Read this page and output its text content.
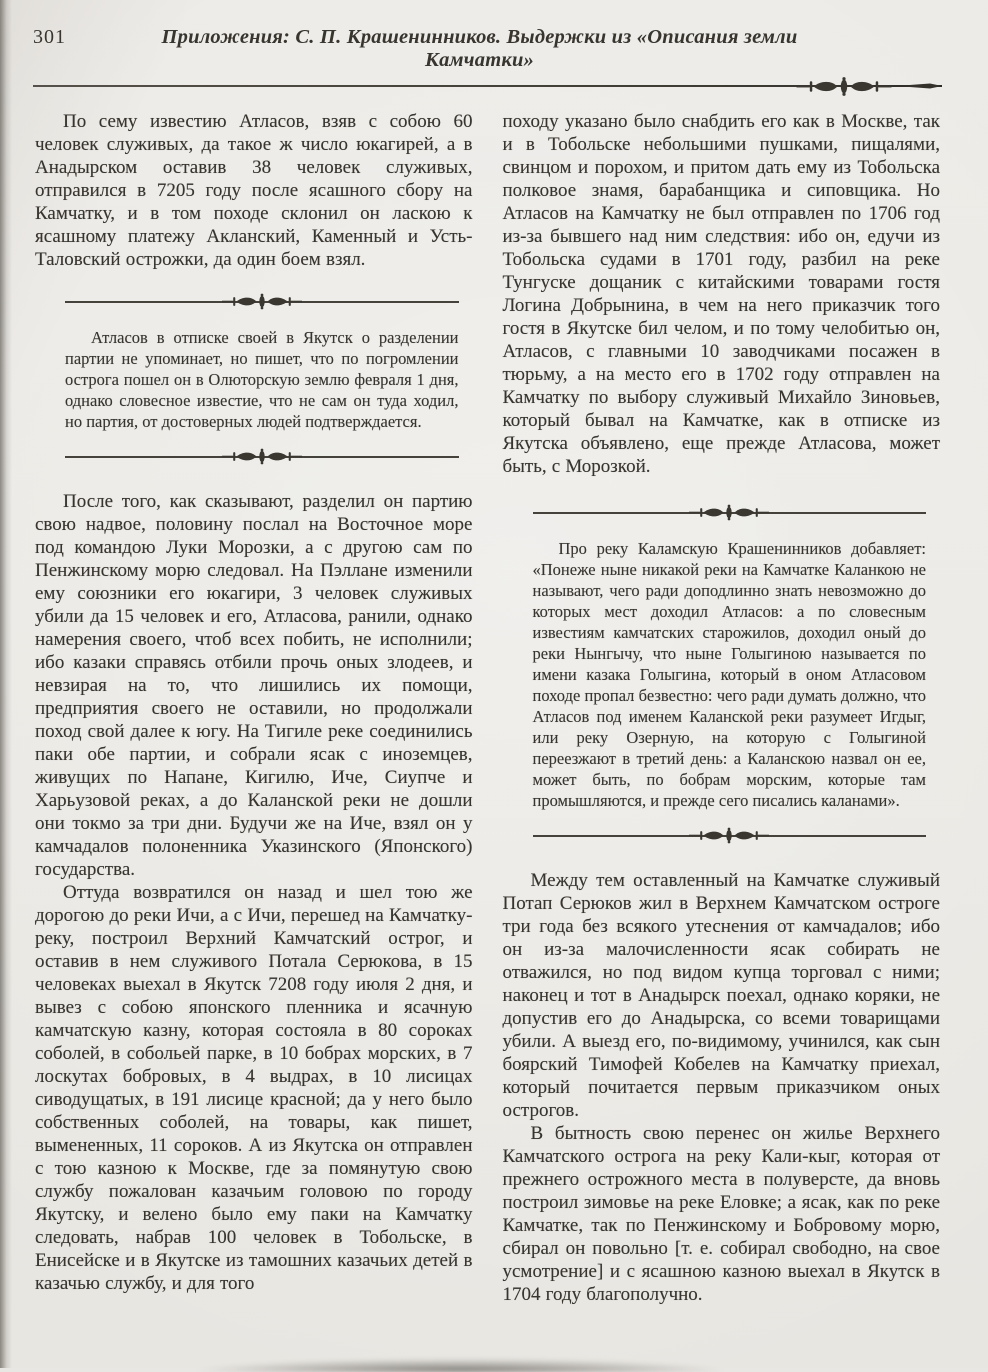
301	Приложения: С. П. Крашенинников. Выдержки из «Описания земли Камчатки»

По сему известию Атласов, взяв с собою 60 человек служивых, да такое ж число юкагирей, а в Анадырском оставив 38 человек служивых, отправился в 7205 году после ясашного сбору на Камчатку, и в том походе склонил он ласкою к ясашному платежу Акланский, Каменный и Усть-Таловский острожки, да один боем взял.

Атласов в отписке своей в Якутск о разделении партии не упоминает, но пишет, что по погромлении острога пошел он в Олюторскую землю февраля 1 дня, однако словесное известие, что не сам он туда ходил, но партия, от достоверных людей подтверждается.

После того, как сказывают, разделил он партию свою надвое, половину послал на Восточное море под командою Луки Морозки, а с другою сам по Пенжинскому морю следовал. На Пэллане изменили ему союзники его юкагири, 3 человек служивых убили да 15 человек и его, Атласова, ранили, однако намерения своего, чтоб всех побить, не исполнили; ибо казаки справясь отбили прочь оных злодеев, и невзирая на то, что лишились их помощи, предприятия своего не оставили, но продолжали поход свой далее к югу. На Тигиле реке соединились паки обе партии, и собрали ясак с иноземцев, живущих по Напане, Кигилю, Иче, Сиупче и Харьузовой реках, а до Каланской реки не дошли они токмо за три дни. Будучи же на Иче, взял он у камчадалов полоненника Указинского (Японского) государства.

Оттуда возвратился он назад и шел тою же дорогою до реки Ичи, а с Ичи, перешед на Камчатку-реку, построил Верхний Камчатский острог, и оставив в нем служивого Потала Серюкова, в 15 человеках выехал в Якутск 7208 году июля 2 дня, и вывез с собою японского пленника и ясачную камчатскую казну, которая состояла в 80 сороках соболей, в собольей парке, в 10 бобрах морских, в 7 лоскутах бобровых, в 4 выдрах, в 10 лисицах сиводущатых, в 191 лисице красной; да у него было собственных соболей, на товары, как пишет, вымененных, 11 сороков. А из Якутска он отправлен с тою казною к Москве, где за помянутую свою службу пожалован казачьим головою по городу Якутску, и велено было ему паки на Камчатку следовать, набрав 100 человек в Тобольске, в Енисейске и в Якутске из тамошних казачьих детей в казачью службу, и для того

походу указано было снабдить его как в Москве, так и в Тобольске небольшими пушками, пищалями, свинцом и порохом, и притом дать ему из Тобольска полковое знамя, барабанщика и сиповщика. Но Атласов на Камчатку не был отправлен по 1706 год из-за бывшего над ним следствия: ибо он, едучи из Тобольска судами в 1701 году, разбил на реке Тунгуске дощаник с китайскими товарами гостя Логина Добрынина, в чем на него приказчик того гостя в Якутске бил челом, и по тому челобитью он, Атласов, с главными 10 заводчиками посажен в тюрьму, а на место его в 1702 году отправлен на Камчатку по выбору служивый Михайло Зиновьев, который бывал на Камчатке, как в отписке из Якутска объявлено, еще прежде Атласова, может быть, с Морозкой.

Про реку Каламскую Крашенинников добавляет: «Понеже ныне никакой реки на Камчатке Каланкою не называют, чего ради доподлинно знать невозможно до которых мест доходил Атласов: а по словесным известиям камчатских старожилов, доходил оный до реки Нынгычу, что ныне Голыгиною называется по имени казака Голыгина, который в оном Атласовом походе пропал безвестно: чего ради думать должно, что Атласов под именем Каланской реки разумеет Игдыг, или реку Озерную, на которую с Голыгиной переезжают в третий день: а Каланскою назвал он ее, может быть, по бобрам морским, которые там промышляются, и прежде сего писались каланами».

Между тем оставленный на Камчатке служивый Потап Серюков жил в Верхнем Камчатском остроге три года без всякого утеснения от камчадалов; ибо он из-за малочисленности ясак собирать не отважился, но под видом купца торговал с ними; наконец и тот в Анадырск поехал, однако коряки, не допустив его до Анадырска, со всеми товарищами убили. А выезд его, по-видимому, учинился, как сын боярский Тимофей Кобелев на Камчатку приехал, который почитается первым приказчиком оных острогов.

В бытность свою перенес он жилье Верхнего Камчатского острога на реку Кали-кыг, которая от прежнего острожного места в полуверсте, да вновь построил зимовье на реке Еловке; а ясак, как по реке Камчатке, так по Пенжинскому и Бобровому морю, сбирал он повольно [т. е. собирал свободно, на свое усмотрение] и с ясашною казною выехал в Якутск в 1704 году благополучно.
